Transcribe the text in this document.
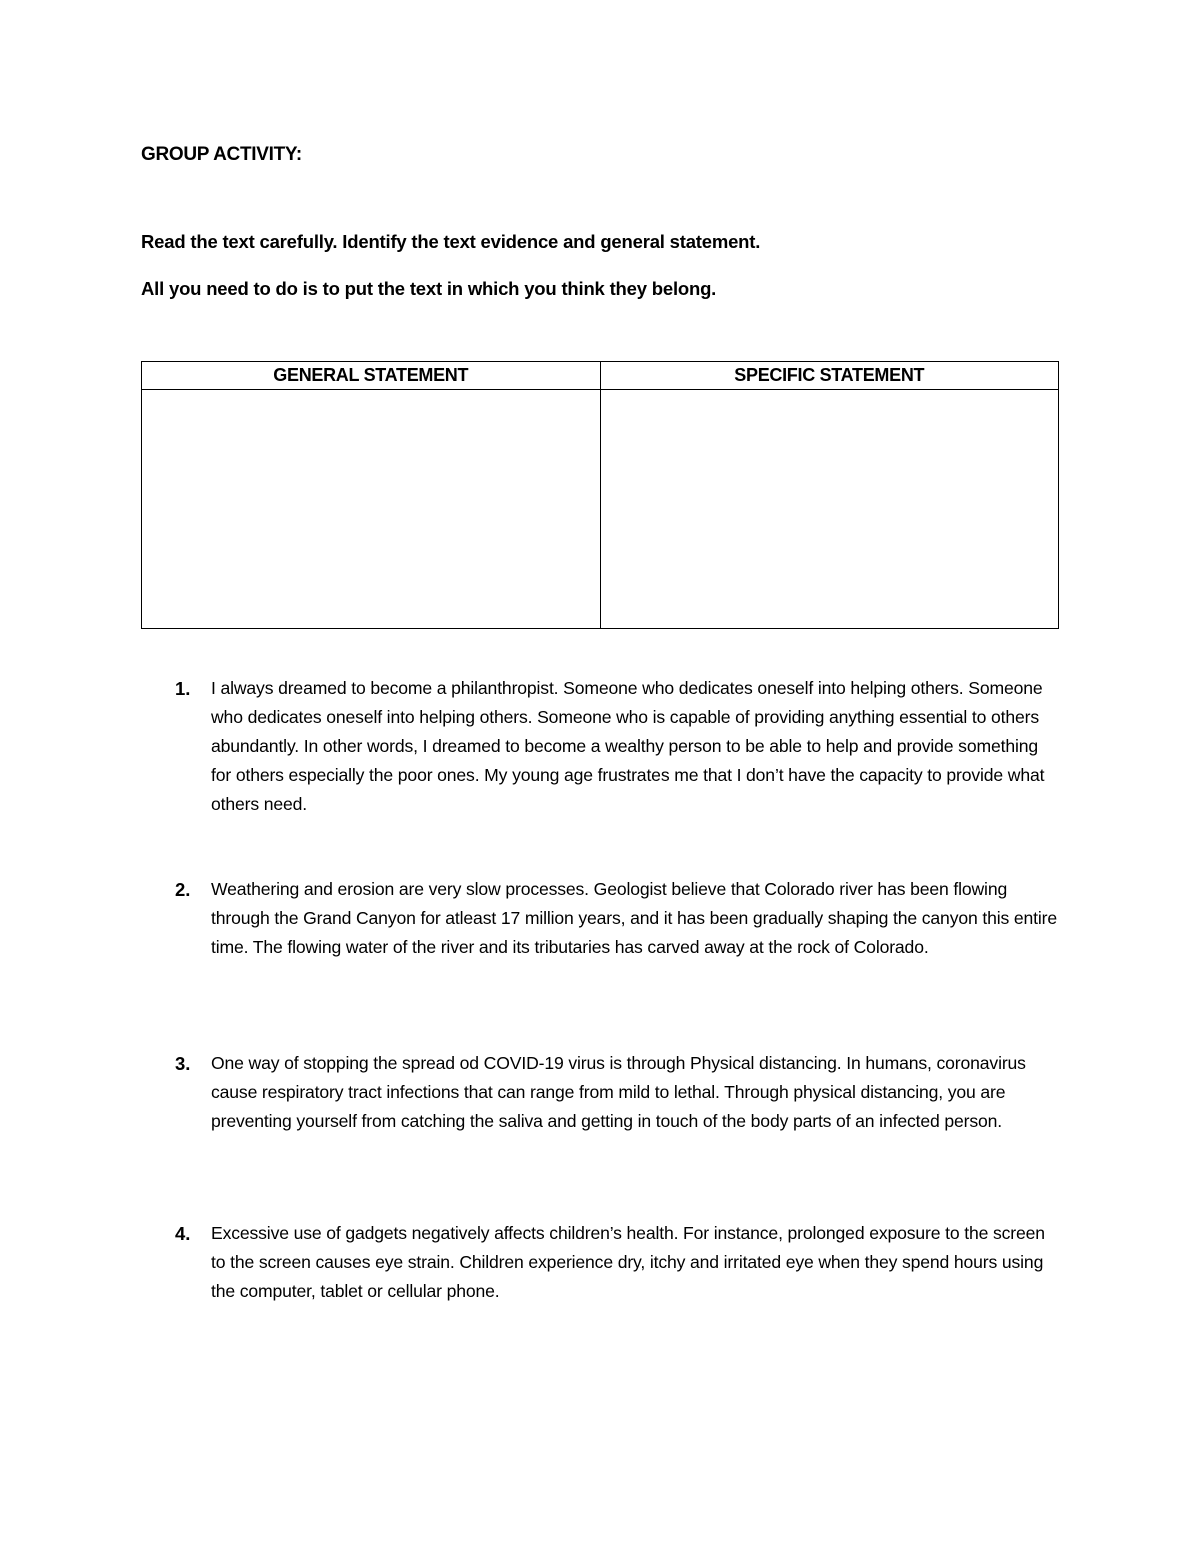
GROUP ACTIVITY:
Read the text carefully. Identify the text evidence and general statement.
All you need to do is to put the text in which you think they belong.
GENERAL STATEMENT	SPECIFIC STATEMENT

1. I always dreamed to become a philanthropist. Someone who dedicates oneself into helping others. Someone who dedicates oneself into helping others. Someone who is capable of providing anything essential to others abundantly. In other words, I dreamed to become a wealthy person to be able to help and provide something for others especially the poor ones. My young age frustrates me that I don’t have the capacity to provide what others need.
2. Weathering and erosion are very slow processes. Geologist believe that Colorado river has been flowing through the Grand Canyon for atleast 17 million years, and it has been gradually shaping the canyon this entire time. The flowing water of the river and its tributaries has carved away at the rock of Colorado.
3. One way of stopping the spread od COVID-19 virus is through Physical distancing. In humans, coronavirus cause respiratory tract infections that can range from mild to lethal. Through physical distancing, you are preventing yourself from catching the saliva and getting in touch of the body parts of an infected person.
4. Excessive use of gadgets negatively affects children’s health. For instance, prolonged exposure to the screen to the screen causes eye strain. Children experience dry, itchy and irritated eye when they spend hours using the computer, tablet or cellular phone.
